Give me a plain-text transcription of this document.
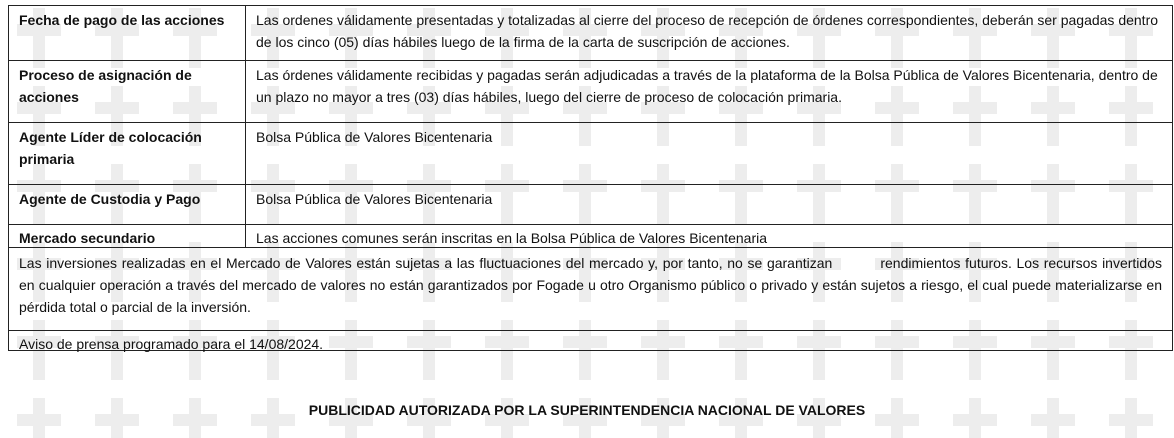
Fecha de pago de las acciones	Las ordenes válidamente presentadas y totalizadas al cierre del proceso de recepción de órdenes correspondientes, deberán ser pagadas dentro de los cinco (05) días hábiles luego de la firma de la carta de suscripción de acciones.
Proceso de asignación de acciones	Las órdenes válidamente recibidas y pagadas serán adjudicadas a través de la plataforma de la Bolsa Pública de Valores Bicentenaria, dentro de un plazo no mayor a tres (03) días hábiles, luego del cierre de proceso de colocación primaria.
Agente Líder de colocación primaria	Bolsa Pública de Valores Bicentenaria
Agente de Custodia y Pago	Bolsa Pública de Valores Bicentenaria
Mercado secundario	Las acciones comunes serán inscritas en la Bolsa Pública de Valores Bicentenaria
Las inversiones realizadas en el Mercado de Valores están sujetas a las fluctuaciones del mercado y, por tanto, no se garantizan	rendimientos futuros. Los recursos invertidos en cualquier operación a través del mercado de valores no están garantizados por Fogade u otro Organismo público o privado y están sujetos a riesgo, el cual puede materializarse en pérdida total o parcial de la inversión.
Aviso de prensa programado para el 14/08/2024.
PUBLICIDAD AUTORIZADA POR LA SUPERINTENDENCIA NACIONAL DE VALORES
